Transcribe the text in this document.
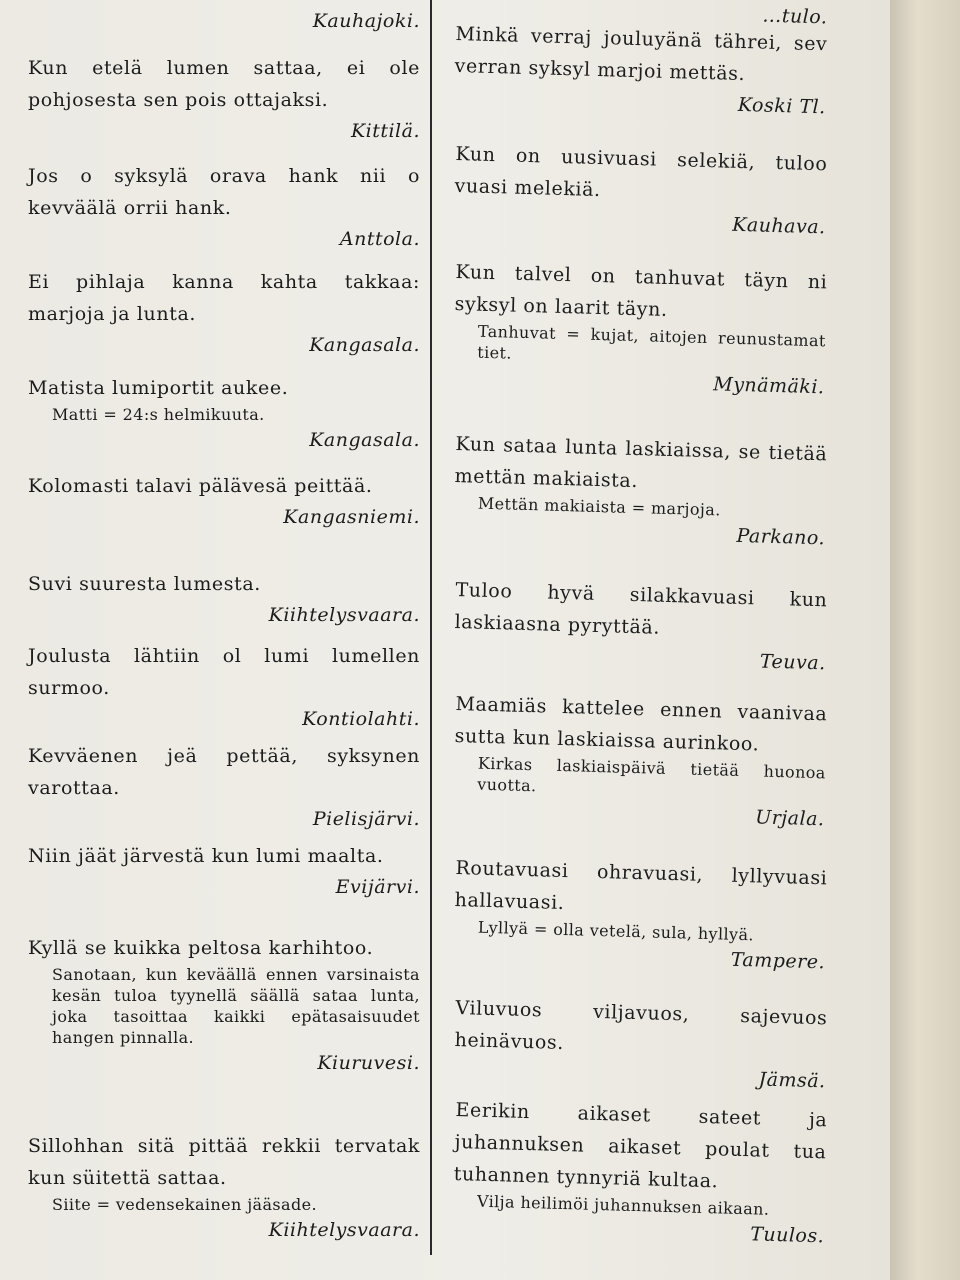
Kauhajoki.

Kun etelä lumen sattaa, ei ole pohjosesta sen pois ottajaksi.

Kittilä.

Jos o syksylä orava hank nii o kevväälä orrii hank.

Anttola.

Ei pihlaja kanna kahta takkaa: marjoja ja lunta.

Kangasala.

Matista lumiportit aukee.

Matti = 24:s helmikuuta.

Kangasala.

Kolomasti talavi pälävesä peittää.

Kangasniemi.

Suvi suuresta lumesta.

Kiihtelysvaara.

Joulusta lähtiin ol lumi lumellen surmoo.

Kontiolahti.

Kevväenen jeä pettää, syksynen varottaa.

Pielisjärvi.

Niin jäät järvestä kun lumi maalta.

Evijärvi.

Kyllä se kuikka peltosa karhihtoo.

Sanotaan, kun keväällä ennen varsinaista kesän tuloa tyynellä säällä sataa lunta, joka tasoittaa kaikki epätasaisuudet hangen pinnalla.

Kiuruvesi.

Sillohhan sitä pittää rekkii tervatak kun süitettä sattaa.

Siite = vedensekainen jääsade.

Kiihtelysvaara.

…tulo.

Minkä verraj jouluyänä tährei, sev verran syksyl marjoi mettäs.

Koski Tl.

Kun on uusivuasi selekiä, tuloo vuasi melekiä.

Kauhava.

Kun talvel on tanhuvat täyn ni syksyl on laarit täyn.

Tanhuvat = kujat, aitojen reunustamat tiet.

Mynämäki.

Kun sataa lunta laskiaissa, se tietää mettän makiaista.

Mettän makiaista = marjoja.

Parkano.

Tuloo hyvä silakkavuasi kun laskiaasna pyryttää.

Teuva.

Maamiäs kattelee ennen vaanivaa sutta kun laskiaissa aurinkoo.

Kirkas laskiaispäivä tietää huonoa vuotta.

Urjala.

Routavuasi ohravuasi, lyllyvuasi hallavuasi.

Lyllyä = olla vetelä, sula, hyllyä.

Tampere.

Viluvuos viljavuos, sajevuos heinävuos.

Jämsä.

Eerikin aikaset sateet ja juhannuksen aikaset poulat tua tuhannen tynnyriä kultaa.

Vilja heilimöi juhannuksen aikaan.

Tuulos.
